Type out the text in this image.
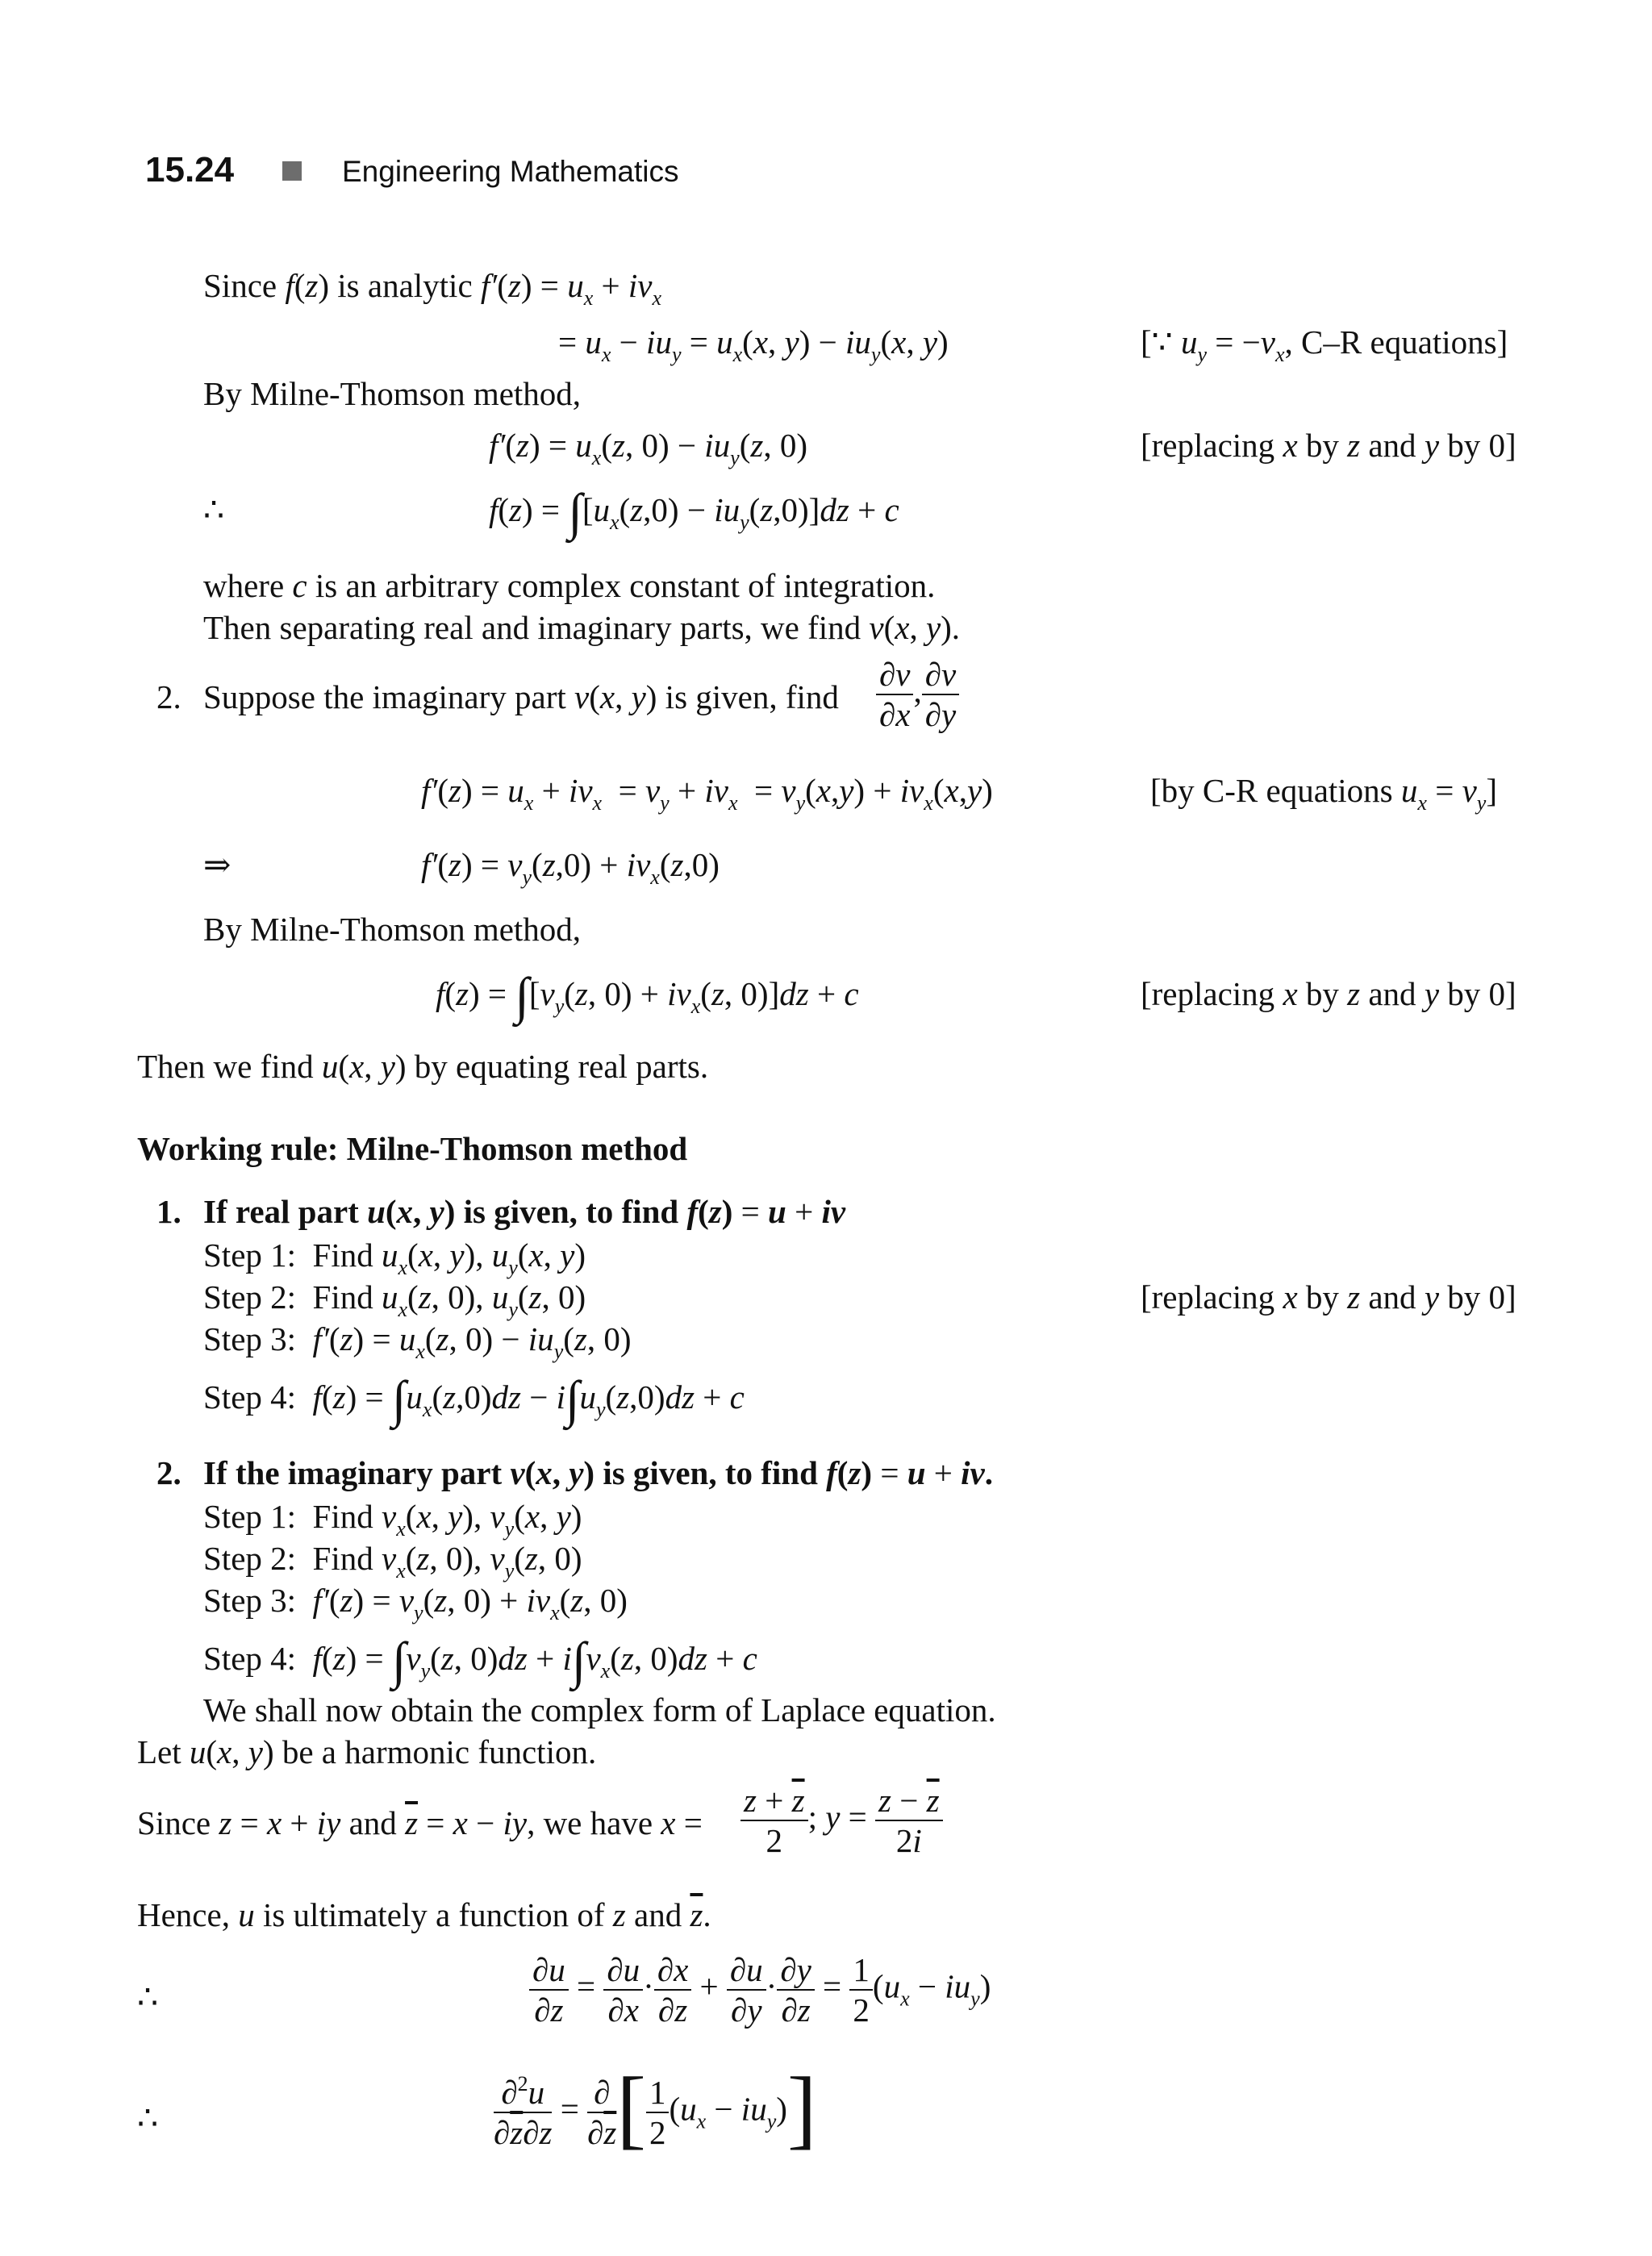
15.24	Engineering Mathematics
Since f(z) is analytic $f'(z) = u_x + iv_x$
= $u_x - iu_y = u_x(x$, $y) - iu_y(x$, y)	[∵ $u_y = -v_x$, C–R equations]
By Milne-Thomson method,
$f'(z) = u_x(z$, $0) - iu_y(z$, 0)	[replacing x by z and y by 0]
∴	$f(z) = \int[u_x(z,0) - iu_y(z,0)]dz + c$
where c is an arbitrary complex constant of integration.
Then separating real and imaginary parts, we find v(x, y).
2. Suppose the imaginary part v(x, y) is given, find $\frac{\partial v}{\partial x}$ , $\frac{\partial v}{\partial y}$
$f'(z) = u_x + iv_x = v_y + iv_x = v_y(x,y) + iv_x(x,y)$	[by C-R equations $u_x = v_y$]
⇒	$f'(z) = v_y(z,0) + iv_x(z,0)$
By Milne-Thomson method,
$f(z) = \int[v_y(z$, $0) + iv_x(z$, 0)]dz + c	[replacing x by z and y by 0]
Then we find u(x, y) by equating real parts.
Working rule: Milne-Thomson method
1. If real part u(x, y) is given, to find f(z) = u + iv
Step 1:  Find $u_x(x$, y), $u_y(x$, y)
Step 2:  Find $u_x(z$, 0), $u_y(z$, 0)	[replacing x by z and y by 0]
Step 3:  $f'(z) = u_x(z$, $0) - iu_y(z$, 0)
Step 4:  $f(z) = \int u_x(z,0)dz - i\int u_y(z,0)dz + c$
2. If the imaginary part v(x, y) is given, to find f(z) = u + iv.
Step 1:  Find $v_x(x$, y), $v_y(x$, y)
Step 2:  Find $v_x(z$, 0), $v_y(z$, 0)
Step 3:  $f'(z) = v_y(z$, $0) + iv_x(z$, 0)
Step 4:  $f(z) = \int v_y(z$, $0)dz + i\int v_x(z$, 0)dz + c
We shall now obtain the complex form of Laplace equation.
Let u(x, y) be a harmonic function.
Since z = x + iy and $\overline{z} = x$ − iy, we have $x = \frac{z + \overline{z}}{2}$ ; $y = \frac{z - \overline{z}}{2i}$
Hence, u is ultimately a function of z and $\overline{z}$.
∴	$\frac{\partial u}{\partial z} = \frac{\partial u}{\partial x} \cdot \frac{\partial x}{\partial z} + \frac{\partial u}{\partial y} \cdot \frac{\partial y}{\partial z} = \frac{1}{2} (u_x - iu_y)$
∴	$\frac{\partial^2u}{\partial\overline{z}\partial z} = \frac{\partial}{\partial\overline{z}}$ [ $\frac{1}{2} (u_x - iu_y)$]
